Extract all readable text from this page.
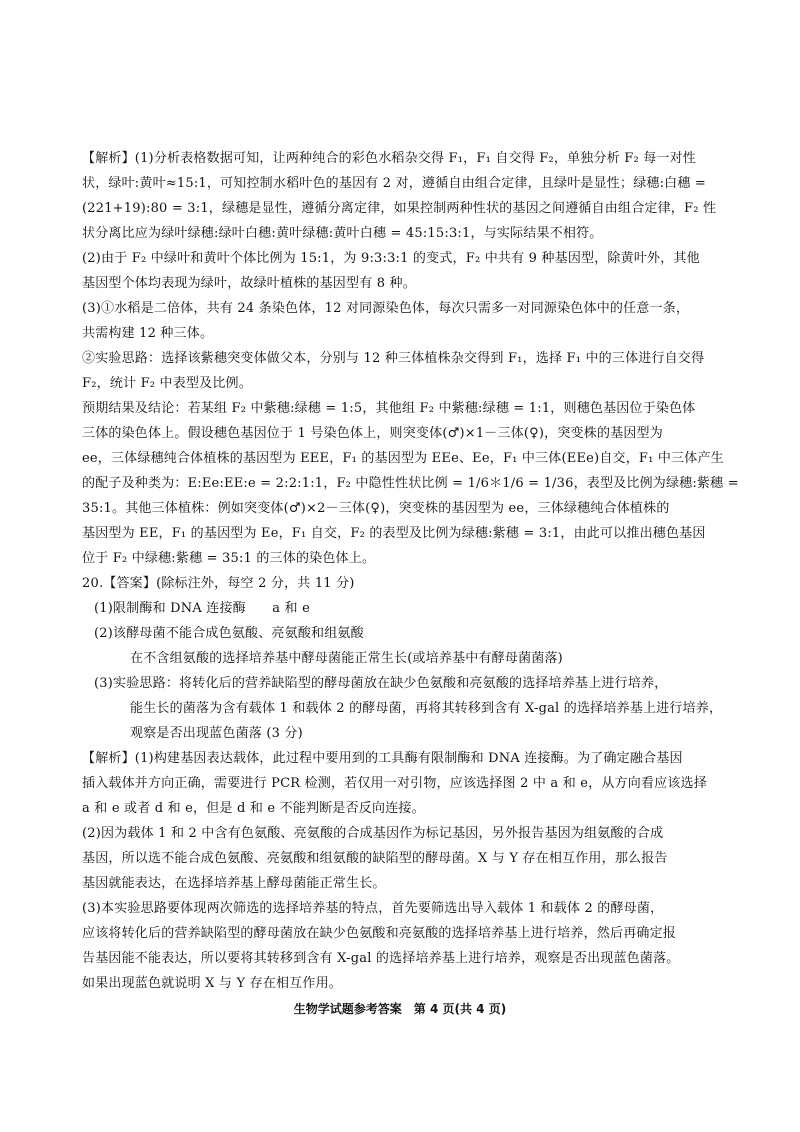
【解析】(1)分析表格数据可知，让两种纯合的彩色水稻杂交得 F₁，F₁ 自交得 F₂，单独分析 F₂ 每一对性
状，绿叶:黄叶≈15:1，可知控制水稻叶色的基因有 2 对，遵循自由组合定律，且绿叶是显性；绿穗:白穗 =
(221+19):80 = 3:1，绿穗是显性，遵循分离定律，如果控制两种性状的基因之间遵循自由组合定律，F₂ 性
状分离比应为绿叶绿穗:绿叶白穗:黄叶绿穗:黄叶白穗 = 45:15:3:1，与实际结果不相符。

(2)由于 F₂ 中绿叶和黄叶个体比例为 15:1，为 9:3:3:1 的变式，F₂ 中共有 9 种基因型，除黄叶外，其他
基因型个体均表现为绿叶，故绿叶植株的基因型有 8 种。

(3)①水稻是二倍体，共有 24 条染色体，12 对同源染色体，每次只需多一对同源染色体中的任意一条，
共需构建 12 种三体。

②实验思路：选择该紫穗突变体做父本，分别与 12 种三体植株杂交得到 F₁，选择 F₁ 中的三体进行自交得
F₂，统计 F₂ 中表型及比例。

预期结果及结论：若某组 F₂ 中紫穗:绿穗 = 1:5，其他组 F₂ 中紫穗:绿穗 = 1:1，则穗色基因位于染色体
三体的染色体上。假设穗色基因位于 1 号染色体上，则突变体(♂)×1－三体(♀)，突变株的基因型为
ee，三体绿穗纯合体植株的基因型为 EEE，F₁ 的基因型为 EEe、Ee，F₁ 中三体(EEe)自交，F₁ 中三体产生
的配子及种类为：E:Ee:EE:e = 2:2:1:1，F₂ 中隐性性状比例 = 1/6＊1/6 = 1/36，表型及比例为绿穗:紫穗 =
35:1。其他三体植株：例如突变体(♂)×2－三体(♀)，突变株的基因型为 ee，三体绿穗纯合体植株的
基因型为 EE，F₁ 的基因型为 Ee，F₁ 自交，F₂ 的表型及比例为绿穗:紫穗 = 3:1，由此可以推出穗色基因
位于 F₂ 中绿穗:紫穗 = 35:1 的三体的染色体上。

20.【答案】(除标注外，每空 2 分，共 11 分)
(1)限制酶和 DNA 连接酶　　a 和 e
(2)该酵母菌不能合成色氨酸、亮氨酸和组氨酸
在不含组氨酸的选择培养基中酵母菌能正常生长(或培养基中有酵母菌菌落)
(3)实验思路：将转化后的营养缺陷型的酵母菌放在缺少色氨酸和亮氨酸的选择培养基上进行培养，
能生长的菌落为含有载体 1 和载体 2 的酵母菌，再将其转移到含有 X-gal 的选择培养基上进行培养，
观察是否出现蓝色菌落 (3 分)

【解析】(1)构建基因表达载体，此过程中要用到的工具酶有限制酶和 DNA 连接酶。为了确定融合基因
插入载体并方向正确，需要进行 PCR 检测，若仅用一对引物，应该选择图 2 中 a 和 e，从方向看应该选择
a 和 e 或者 d 和 e，但是 d 和 e 不能判断是否反向连接。

(2)因为载体 1 和 2 中含有色氨酸、亮氨酸的合成基因作为标记基因，另外报告基因为组氨酸的合成
基因，所以选不能合成色氨酸、亮氨酸和组氨酸的缺陷型的酵母菌。X 与 Y 存在相互作用，那么报告
基因就能表达，在选择培养基上酵母菌能正常生长。

(3)本实验思路要体现两次筛选的选择培养基的特点，首先要筛选出导入载体 1 和载体 2 的酵母菌，
应该将转化后的营养缺陷型的酵母菌放在缺少色氨酸和亮氨酸的选择培养基上进行培养，然后再确定报
告基因能不能表达，所以要将其转移到含有 X-gal 的选择培养基上进行培养，观察是否出现蓝色菌落。
如果出现蓝色就说明 X 与 Y 存在相互作用。

生物学试题参考答案　第 4 页(共 4 页)
